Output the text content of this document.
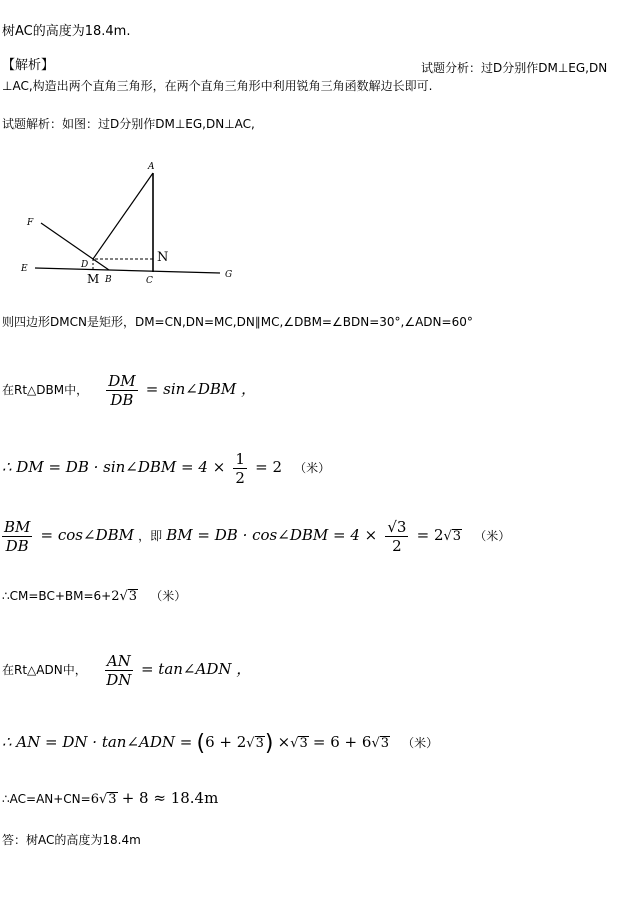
树AC的高度为18.4m.
【解析】	试题分析：过D分别作DM⊥EG,DN
⊥AC,构造出两个直角三角形，在两个直角三角形中利用锐角三角函数解边长即可.
试题解析：如图：过D分别作DM⊥EG,DN⊥AC,
A
F
D	N
E
M B	C
G
则四边形DMCN是矩形，DM=CN,DN=MC,DN∥MC,∠DBM=∠BDN=30°,∠ADN=60°
在Rt△DBM中， $\frac{DM}{DB}$ = sin∠DBM ，
∴ DM = DB · sin∠DBM = $4 \times \frac{1}{2} = 2$ （米）
$\frac{BM}{DB}$ = cos∠DBM ，即 BM = DB · cos∠DBM = $4 \times \frac{√3}{2} = 2√3$ （米）
∴CM=BC+BM=6+2√3 （米）
在Rt△ADN中， $\frac{AN}{DN}$ = tan∠ADN ，
∴ AN = DN · tan∠ADN = (6 + 2√3) ×√3 = 6 + 6√3 （米）
∴AC=AN+CN=6√3 + 8 ≈ 18.4m
答：树AC的高度为18.4m
